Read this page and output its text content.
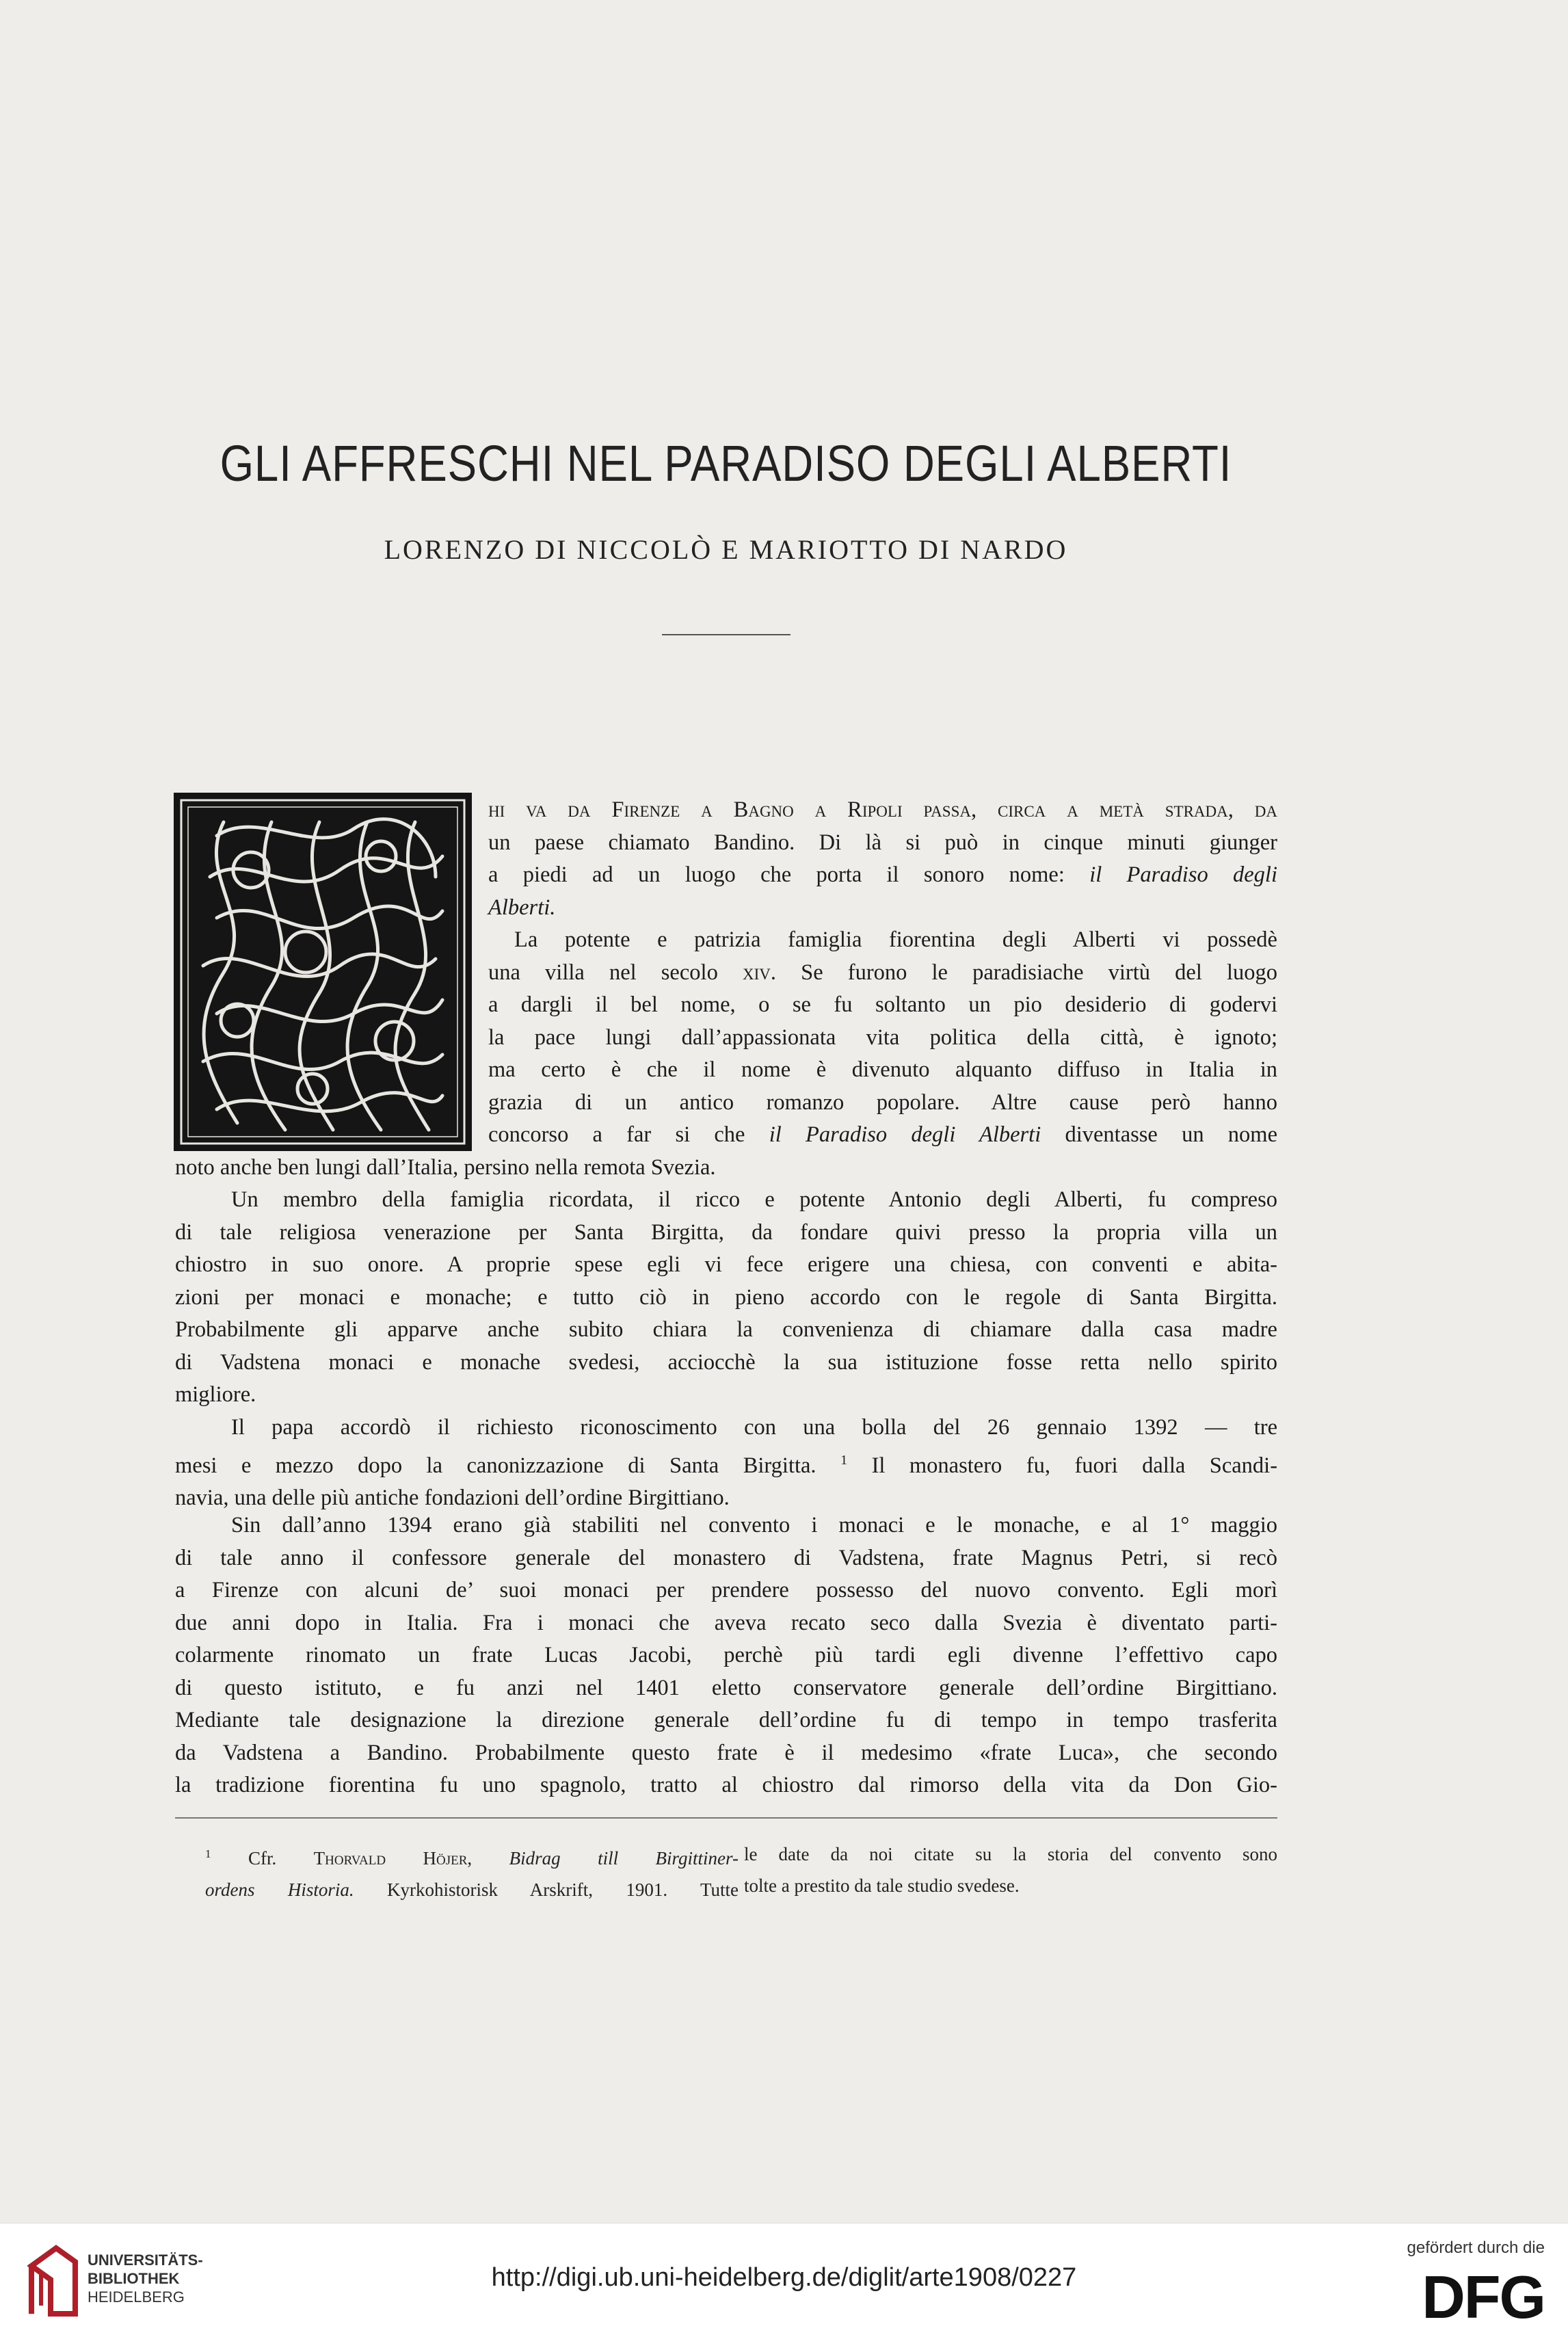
GLI AFFRESCHI NEL PARADISO DEGLI ALBERTI
LORENZO DI NICCOLÒ E MARIOTTO DI NARDO
hi va da Firenze a Bagno a Ripoli passa, circa a metà strada, da
un paese chiamato Bandino. Di là si può in cinque minuti giunger
a piedi ad un luogo che porta il sonoro nome: il Paradiso degli
Alberti.
La potente e patrizia famiglia fiorentina degli Alberti vi possedè
una villa nel secolo xiv. Se furono le paradisiache virtù del luogo
a dargli il bel nome, o se fu soltanto un pio desiderio di godervi
la pace lungi dall’appassionata vita politica della città, è ignoto;
ma certo è che il nome è divenuto alquanto diffuso in Italia in
grazia di un antico romanzo popolare. Altre cause però hanno
concorso a far si che il Paradiso degli Alberti diventasse un nome
noto anche ben lungi dall’Italia, persino nella remota Svezia.
Un membro della famiglia ricordata, il ricco e potente Antonio degli Alberti, fu compreso
di tale religiosa venerazione per Santa Birgitta, da fondare quivi presso la propria villa un
chiostro in suo onore. A proprie spese egli vi fece erigere una chiesa, con conventi e abita-
zioni per monaci e monache; e tutto ciò in pieno accordo con le regole di Santa Birgitta.
Probabilmente gli apparve anche subito chiara la convenienza di chiamare dalla casa madre
di Vadstena monaci e monache svedesi, acciocchè la sua istituzione fosse retta nello spirito
migliore.
Il papa accordò il richiesto riconoscimento con una bolla del 26 gennaio 1392 — tre
mesi e mezzo dopo la canonizzazione di Santa Birgitta. $^1$ Il monastero fu, fuori dalla Scandi-
navia, una delle più antiche fondazioni dell’ordine Birgittiano.
Sin dall’anno 1394 erano già stabiliti nel convento i monaci e le monache, e al 1° maggio
di tale anno il confessore generale del monastero di Vadstena, frate Magnus Petri, si recò
a Firenze con alcuni de’ suoi monaci per prendere possesso del nuovo convento. Egli morì
due anni dopo in Italia. Fra i monaci che aveva recato seco dalla Svezia è diventato parti-
colarmente rinomato un frate Lucas Jacobi, perchè più tardi egli divenne l’effettivo capo
di questo istituto, e fu anzi nel 1401 eletto conservatore generale dell’ordine Birgittiano.
Mediante tale designazione la direzione generale dell’ordine fu di tempo in tempo trasferita
da Vadstena a Bandino. Probabilmente questo frate è il medesimo «frate Luca», che secondo
la tradizione fiorentina fu uno spagnolo, tratto al chiostro dal rimorso della vita da Don Gio-
$^1$ Cfr. Thorvald Höjer, Bidrag till Birgittiner-
ordens Historia. Kyrkohistorisk Arskrift, 1901. Tutte
le date da noi citate su la storia del convento sono
tolte a prestito da tale studio svedese.
UNIVERSITÄTS-
BIBLIOTHEK
HEIDELBERG
http://digi.ub.uni-heidelberg.de/diglit/arte1908/0227
gefördert durch die
DFG
